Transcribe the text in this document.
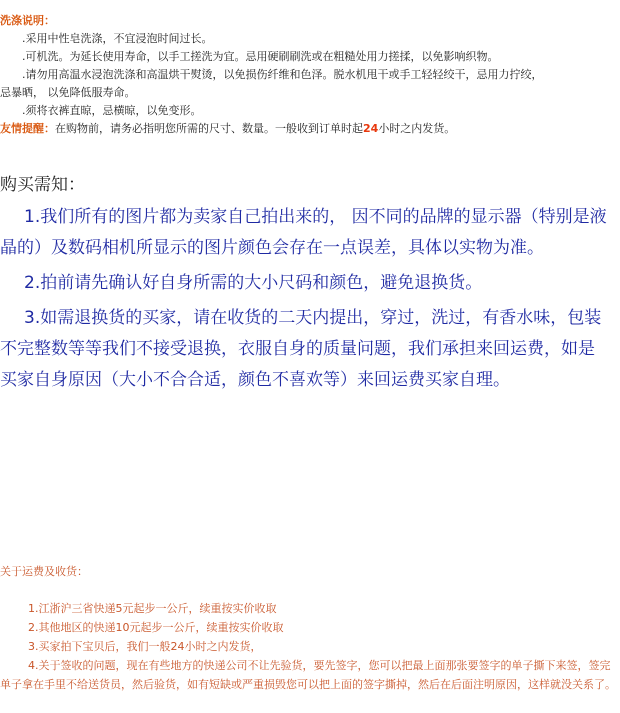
洗涤说明：
.采用中性皂洗涤，不宜浸泡时间过长。
.可机洗。为延长使用寿命，以手工搓洗为宜。忌用硬刷刷洗或在粗糙处用力搓揉，以免影响织物。
.请勿用高温水浸泡洗涤和高温烘干熨烫，以免损伤纤维和色泽。脱水机甩干或手工轻轻绞干，忌用力拧绞，
忌暴晒， 以免降低服寿命。
.须将衣裤直晾，忌横晾，以免变形。
友情提醒：在购物前，请务必指明您所需的尺寸、数量。一般收到订单时起24小时之内发货。
购买需知：

1.我们所有的图片都为卖家自己拍出来的， 因不同的品牌的显示器（特别是液晶的）及数码相机所显示的图片颜色会存在一点误差，具体以实物为准。

2.拍前请先确认好自身所需的大小尺码和颜色，避免退换货。

3.如需退换货的买家，请在收货的二天内提出，穿过，洗过，有香水味，包装不完整数等等我们不接受退换，衣服自身的质量问题，我们承担来回运费，如是买家自身原因（大小不合合适，颜色不喜欢等）来回运费买家自理。

关于运费及收货：
1.江浙沪三省快递5元起步一公斤，续重按实价收取
2.其他地区的快递10元起步一公斤，续重按实价收取
3.买家拍下宝贝后，我们一般24小时之内发货，
4.关于签收的问题，现在有些地方的快递公司不让先验货，要先签字，您可以把最上面那张要签字的单子撕下来签，签完单子拿在手里不给送货员，然后验货，如有短缺或严重损毁您可以把上面的签字撕掉，然后在后面注明原因，这样就没关系了。
